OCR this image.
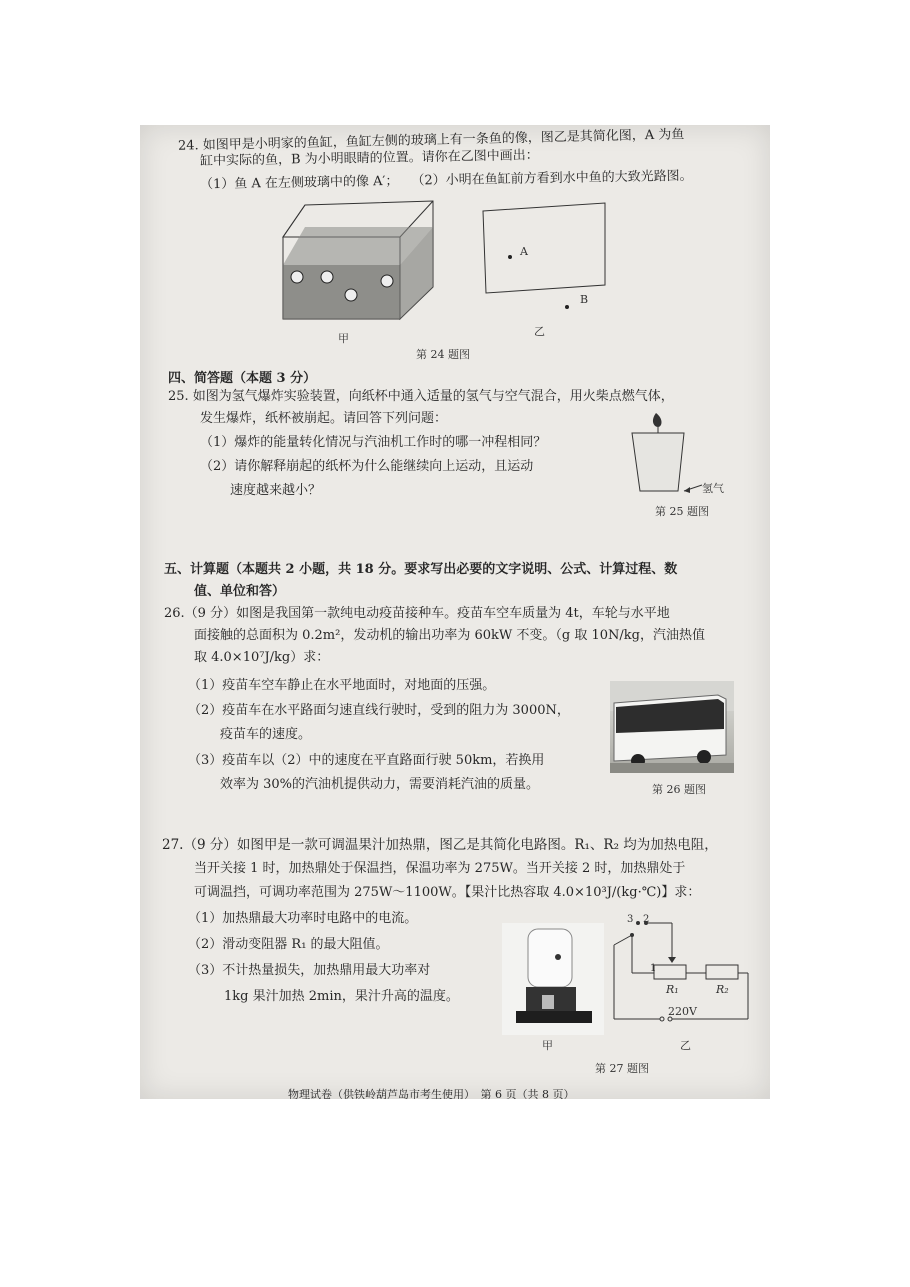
24. 如图甲是小明家的鱼缸，鱼缸左侧的玻璃上有一条鱼的像，图乙是其简化图，A 为鱼
缸中实际的鱼，B 为小明眼睛的位置。请你在乙图中画出：
（1）鱼 A 在左侧玻璃中的像 A′；　　（2）小明在鱼缸前方看到水中鱼的大致光路图。
甲
A
B
乙
第 24 题图
四、简答题（本题 3 分）
25. 如图为氢气爆炸实验装置，向纸杯中通入适量的氢气与空气混合，用火柴点燃气体，
发生爆炸，纸杯被崩起。请回答下列问题：
（1）爆炸的能量转化情况与汽油机工作时的哪一冲程相同？
（2）请你解释崩起的纸杯为什么能继续向上运动，且运动
速度越来越小？	氢气
第 25 题图
五、计算题（本题共 2 小题，共 18 分。要求写出必要的文字说明、公式、计算过程、数
值、单位和答）
26.（9 分）如图是我国第一款纯电动疫苗接种车。疫苗车空车质量为 4t，车轮与水平地
面接触的总面积为 0.2m²，发动机的输出功率为 60kW 不变。（g 取 10N/kg，汽油热值
取 4.0×10⁷J/kg）求：
（1）疫苗车空车静止在水平地面时，对地面的压强。
（2）疫苗车在水平路面匀速直线行驶时，受到的阻力为 3000N，
疫苗车的速度。
（3）疫苗车以（2）中的速度在平直路面行驶 50km，若换用
效率为 30%的汽油机提供动力，需要消耗汽油的质量。	第 26 题图
27.（9 分）如图甲是一款可调温果汁加热鼎，图乙是其简化电路图。R₁、R₂ 均为加热电阻，
当开关接 1 时，加热鼎处于保温挡，保温功率为 275W。当开关接 2 时，加热鼎处于
可调温挡，可调功率范围为 275W～1100W。【果汁比热容取 4.0×10³J/(kg·℃)】求：
（1）加热鼎最大功率时电路中的电流。
（2）滑动变阻器 R₁ 的最大阻值。
（3）不计热量损失，加热鼎用最大功率对
1kg 果汁加热 2min，果汁升高的温度。
甲
3 2
1
R₁	R₂
220V
乙
第 27 题图
物理试卷（供铁岭葫芦岛市考生使用）　第 6 页（共 8 页）
